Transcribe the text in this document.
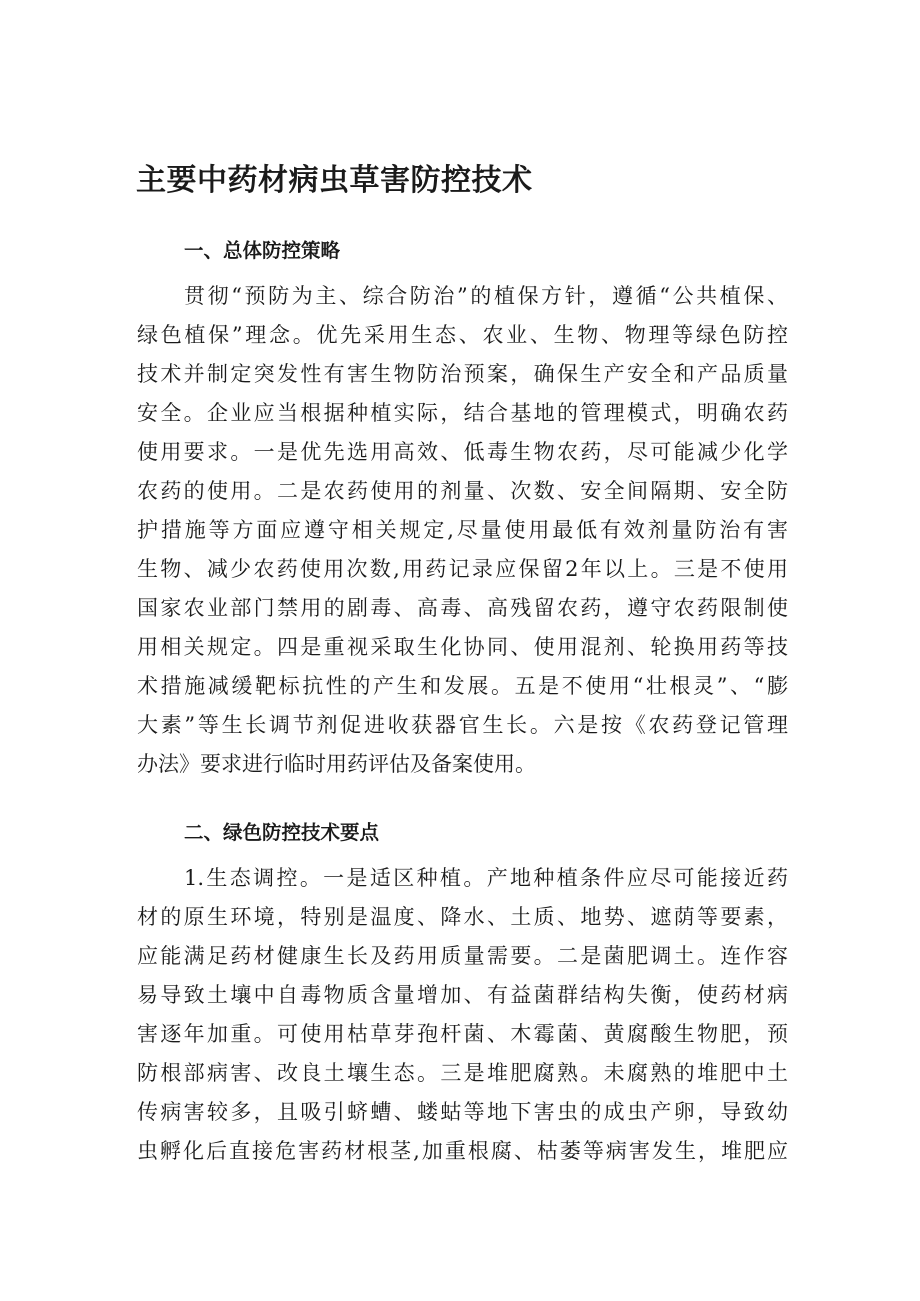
主要中药材病虫草害防控技术
一、总体防控策略

贯彻“预防为主、综合防治”的植保方针，遵循“公共植保、

绿色植保”理念。优先采用生态、农业、生物、物理等绿色防控

技术并制定突发性有害生物防治预案，确保生产安全和产品质量

安全。企业应当根据种植实际，结合基地的管理模式，明确农药

使用要求。一是优先选用高效、低毒生物农药，尽可能减少化学

农药的使用。二是农药使用的剂量、次数、安全间隔期、安全防

护措施等方面应遵守相关规定,尽量使用最低有效剂量防治有害

生物、减少农药使用次数,用药记录应保留2年以上。三是不使用

国家农业部门禁用的剧毒、高毒、高残留农药，遵守农药限制使

用相关规定。四是重视采取生化协同、使用混剂、轮换用药等技

术措施减缓靶标抗性的产生和发展。五是不使用“壮根灵”、“膨

大素”等生长调节剂促进收获器官生长。六是按《农药登记管理

办法》要求进行临时用药评估及备案使用。

二、绿色防控技术要点

1.生态调控。一是适区种植。产地种植条件应尽可能接近药

材的原生环境，特别是温度、降水、土质、地势、遮荫等要素，

应能满足药材健康生长及药用质量需要。二是菌肥调土。连作容

易导致土壤中自毒物质含量增加、有益菌群结构失衡，使药材病

害逐年加重。可使用枯草芽孢杆菌、木霉菌、黄腐酸生物肥，预

防根部病害、改良土壤生态。三是堆肥腐熟。未腐熟的堆肥中土

传病害较多，且吸引蛴螬、蝼蛄等地下害虫的成虫产卵，导致幼

虫孵化后直接危害药材根茎,加重根腐、枯萎等病害发生，堆肥应
